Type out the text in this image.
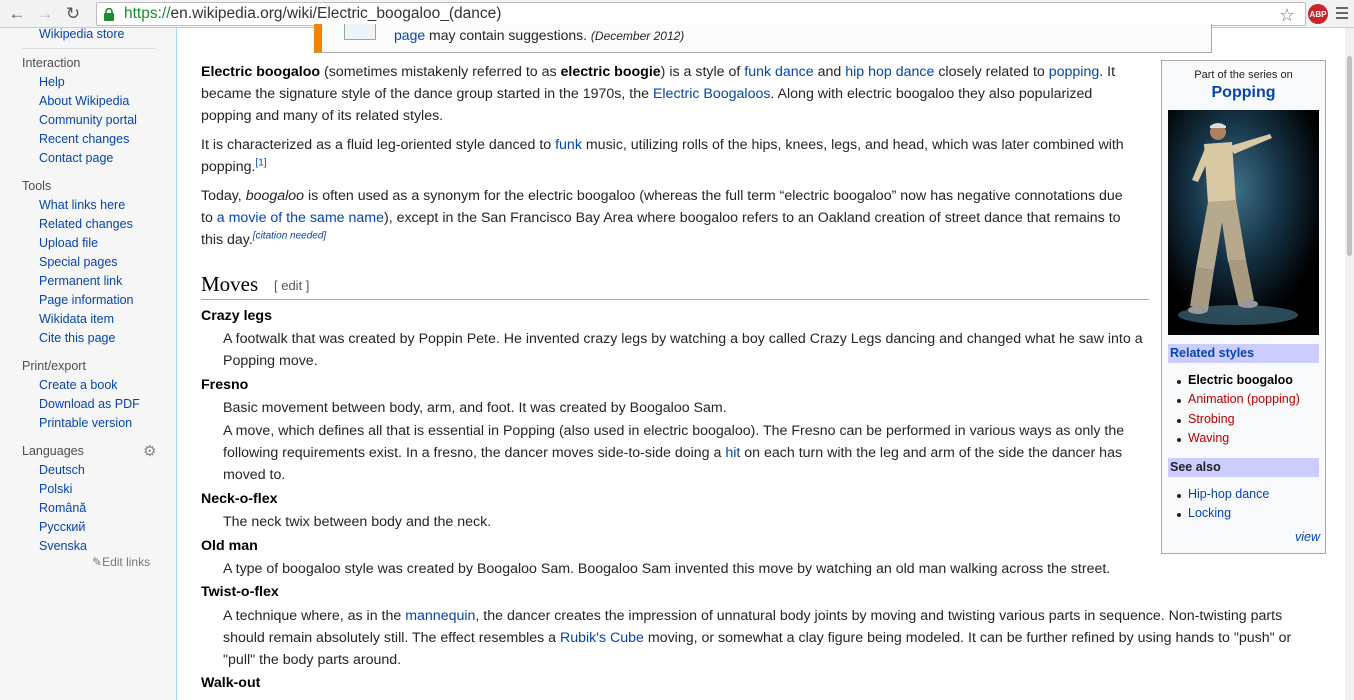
← → ↻	https:// en.wikipedia.org/wiki/Electric_boogaloo_(dance)	☆ ABP
Wikipedia store
Interaction
Help
About Wikipedia
Community portal
Recent changes
Contact page
Tools
What links here
Related changes
Upload file
Special pages
Permanent link
Page information
Wikidata item
Cite this page
Print/export
Create a book
Download as PDF
Printable version
Languages	⚙
Deutsch
Polski
Română
Русский
Svenska
✎Edit links
page may contain suggestions. (December 2012)
Electric boogaloo (sometimes mistakenly referred to as electric boogie) is a style of funk dance and hip hop dance closely related to popping. It
became the signature style of the dance group started in the 1970s, the Electric Boogaloos. Along with electric boogaloo they also popularized
popping and many of its related styles.
It is characterized as a fluid leg-oriented style danced to funk music, utilizing rolls of the hips, knees, legs, and head, which was later combined with
popping.[1]
Today, boogaloo is often used as a synonym for the electric boogaloo (whereas the full term “electric boogaloo” now has negative connotations due
to a movie of the same name), except in the San Francisco Bay Area where boogaloo refers to an Oakland creation of street dance that remains to
this day.[citation needed]
Moves [ edit ]
Crazy legs
A footwalk that was created by Poppin Pete. He invented crazy legs by watching a boy called Crazy Legs dancing and changed what he saw into a
Popping move.
Fresno
Basic movement between body, arm, and foot. It was created by Boogaloo Sam.
A move, which defines all that is essential in Popping (also used in electric boogaloo). The Fresno can be performed in various ways as only the
following requirements exist. In a fresno, the dancer moves side-to-side doing a hit on each turn with the leg and arm of the side the dancer has
moved to.
Neck-o-flex
The neck twix between body and the neck.
Old man
A type of boogaloo style was created by Boogaloo Sam. Boogaloo Sam invented this move by watching an old man walking across the street.
Twist-o-flex
A technique where, as in the mannequin, the dancer creates the impression of unnatural body joints by moving and twisting various parts in sequence. Non-twisting parts
should remain absolutely still. The effect resembles a Rubik's Cube moving, or somewhat a clay figure being modeled. It can be further refined by using hands to "push" or
"pull" the body parts around.
Walk-out
Part of the series on
Popping
Related styles
Electric boogaloo
Animation (popping)
Strobing
Waving
See also
Hip-hop dance
Locking
view
